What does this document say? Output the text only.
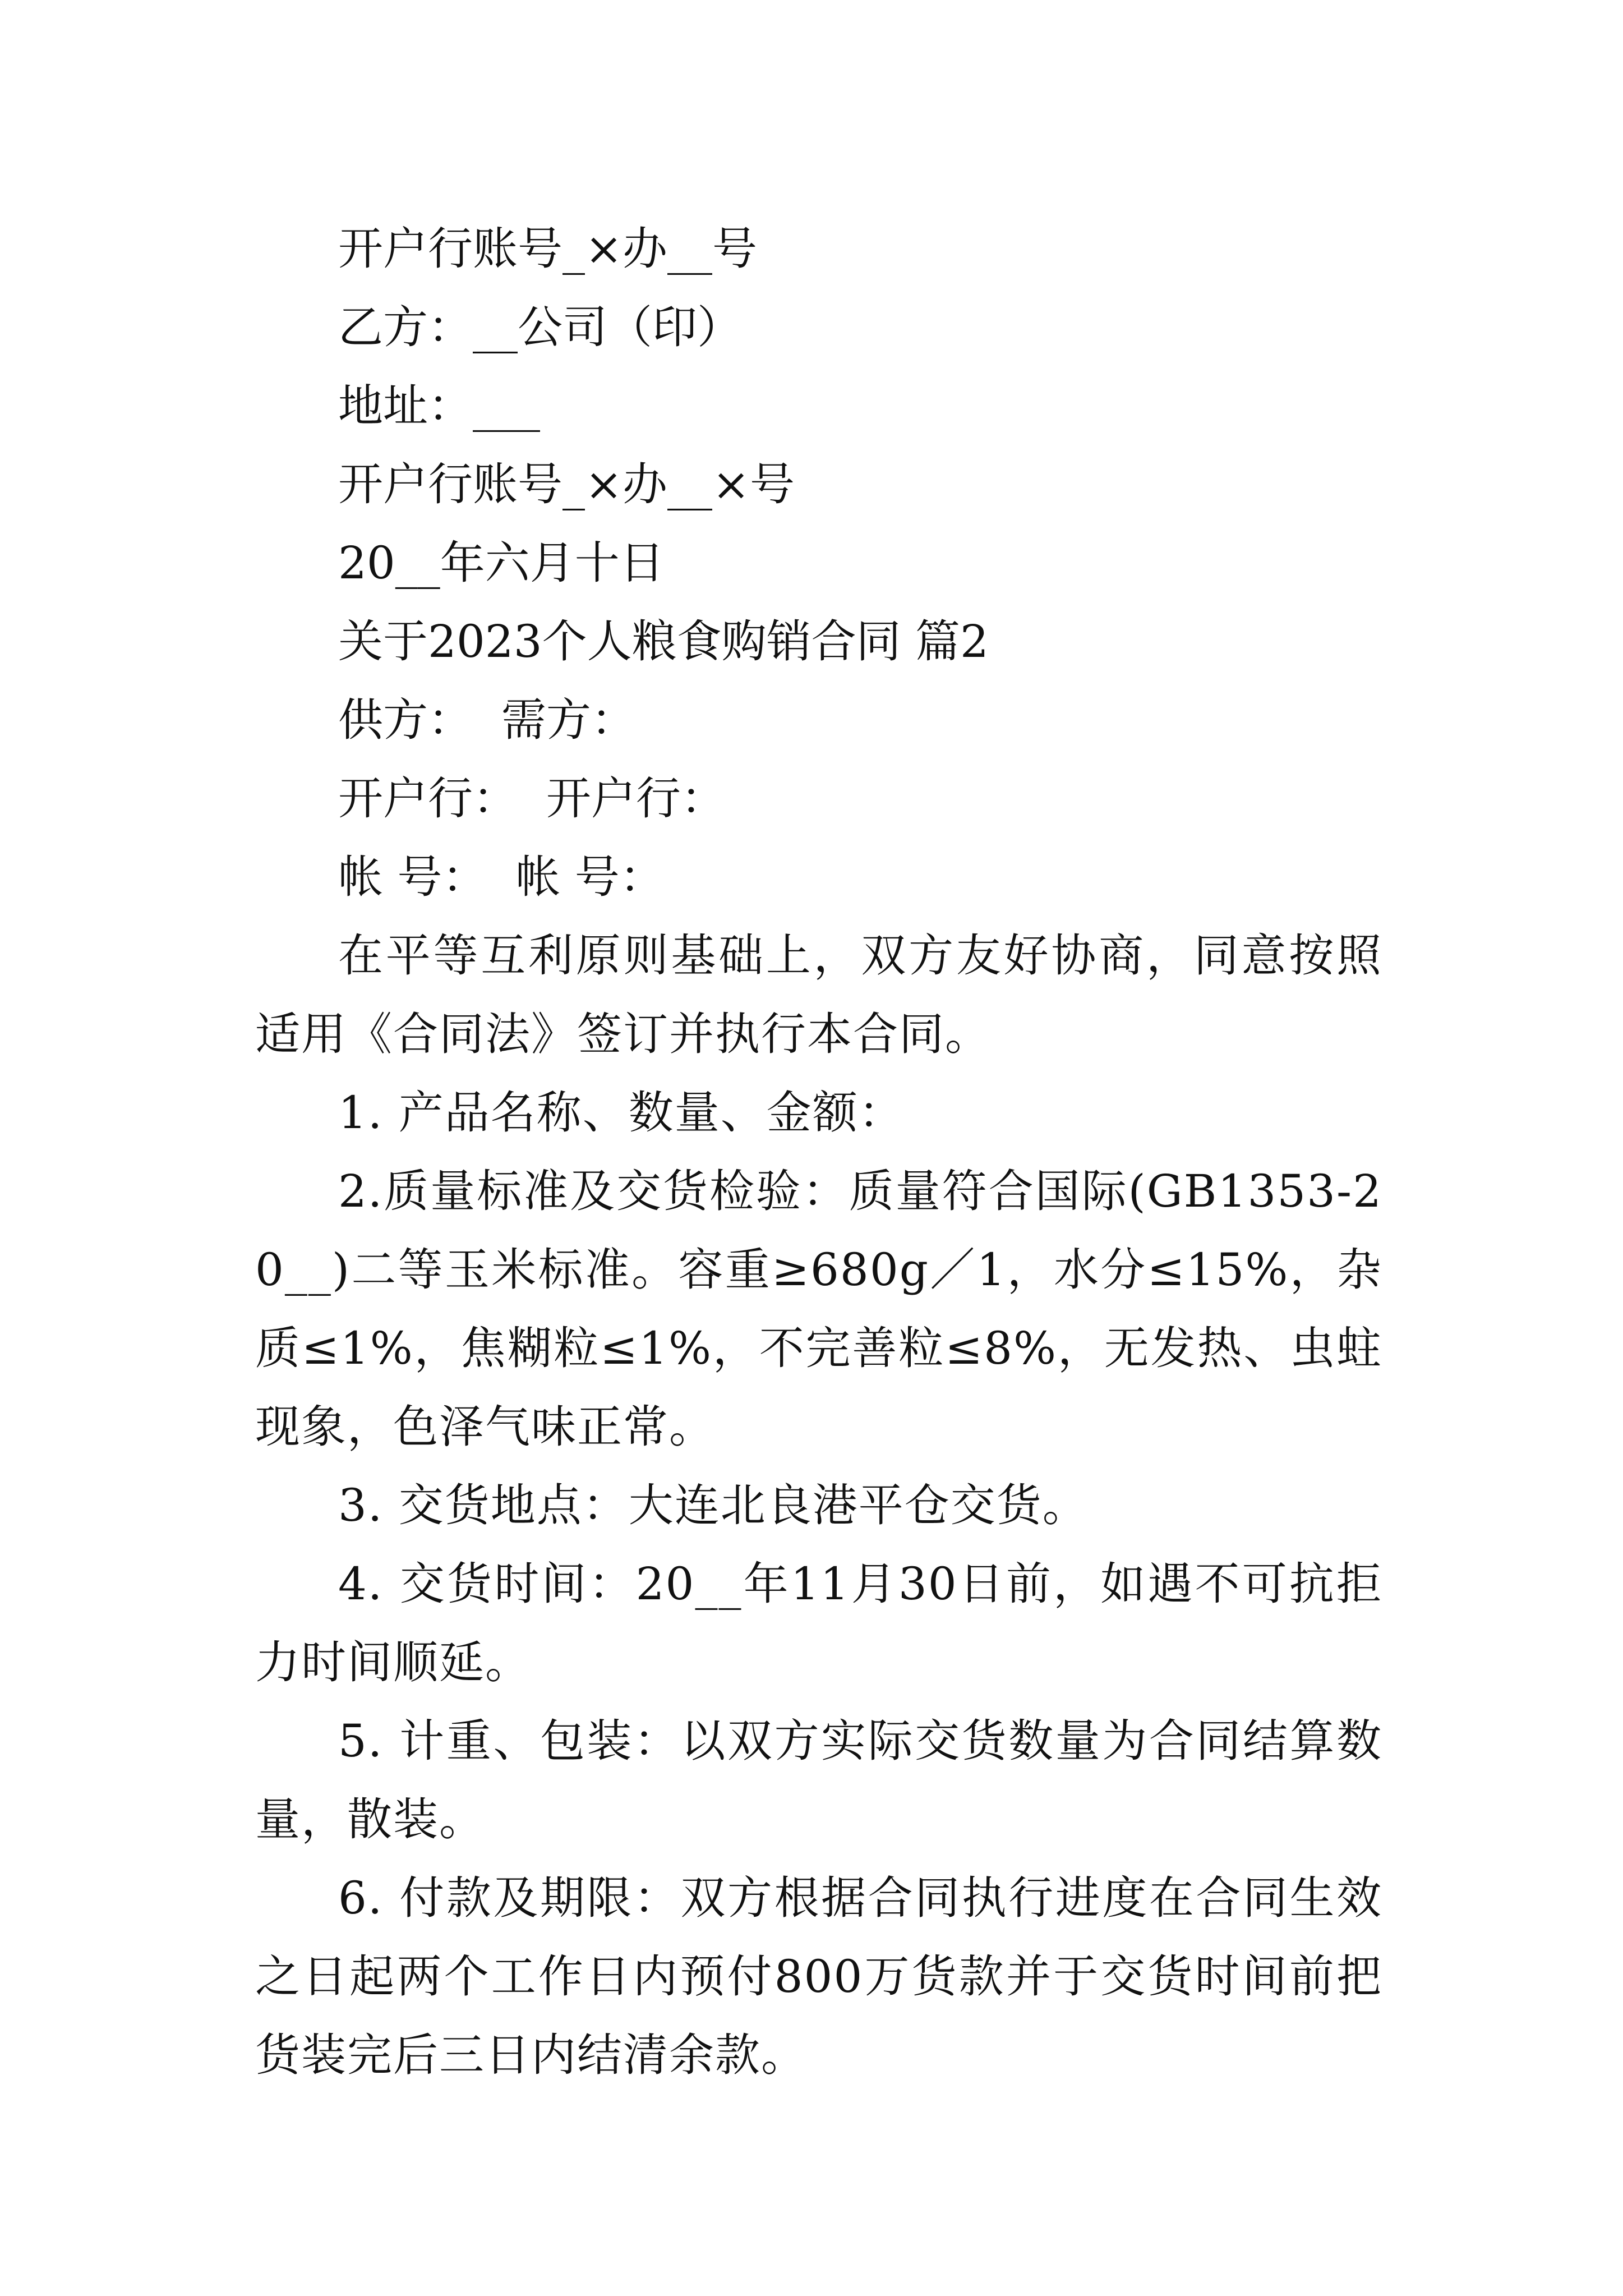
开户行账号_×办__号
乙方：__公司（印）
地址：___
开户行账号_×办__×号
20__年六月十日
关于2023个人粮食购销合同 篇2
供方：  需方：
开户行：  开户行：
帐 号：  帐 号：
在平等互利原则基础上，双方友好协商，同意按照适用《合同法》签订并执行本合同。
1. 产品名称、数量、金额：
2.质量标准及交货检验：质量符合国际(GB1353-20__)二等玉米标准。容重≥680g／1，水分≤15%，杂质≤1%，焦糊粒≤1%，不完善粒≤8%，无发热、虫蛀现象，色泽气味正常。
3. 交货地点：大连北良港平仓交货。
4. 交货时间：20__年11月30日前，如遇不可抗拒力时间顺延。
5. 计重、包装：以双方实际交货数量为合同结算数量，散装。
6. 付款及期限：双方根据合同执行进度在合同生效之日起两个工作日内预付800万货款并于交货时间前把货装完后三日内结清余款。
